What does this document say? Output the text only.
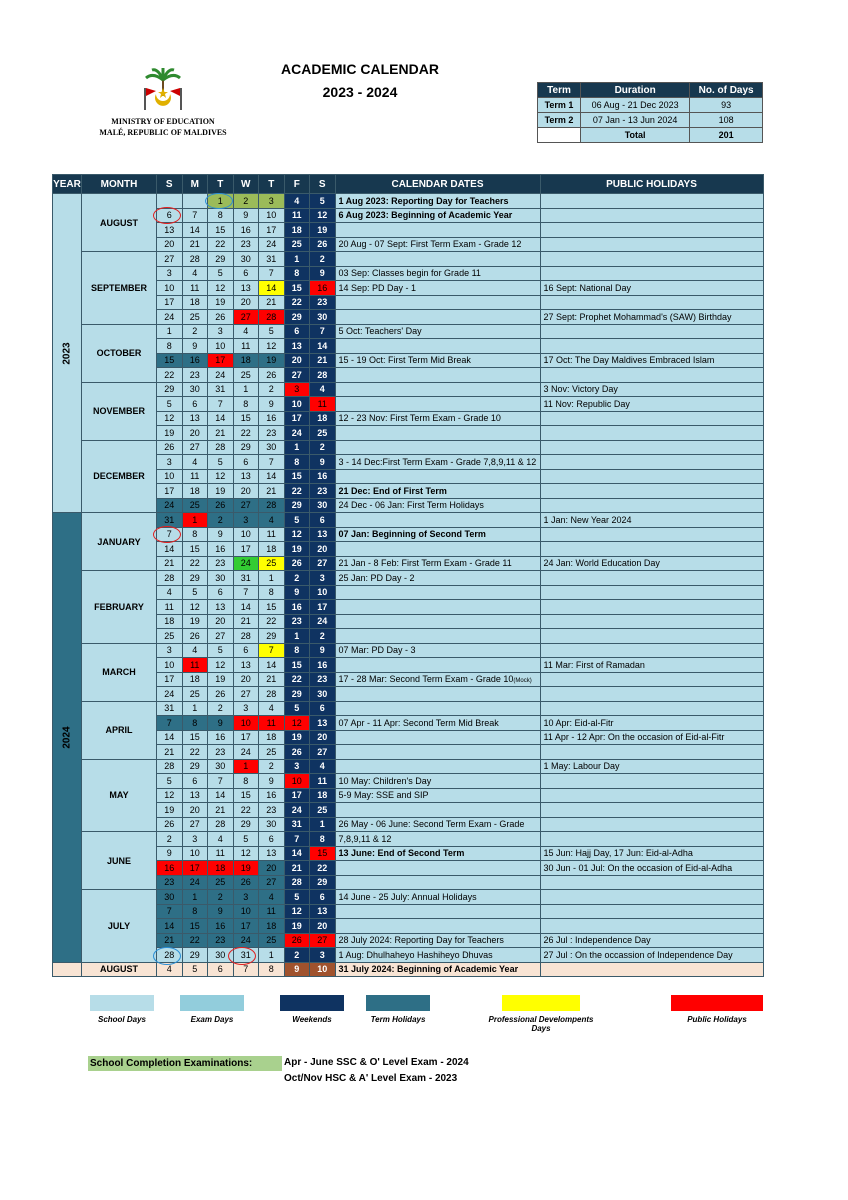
MINISTRY OF EDUCATION
MALÉ, REPUBLIC OF MALDIVES
ACADEMIC CALENDAR
2023 - 2024	Term	Duration	No. of Days
Term 1	06 Aug - 21 Dec 2023	93
Term 2	07 Jan - 13 Jun 2024	108
	Total	201
YEAR	MONTH	S	M	T	W	T	F	S	CALENDAR DATES	PUBLIC HOLIDAYS
2023	AUGUST			1	2	3	4	5	1 Aug 2023: Reporting Day for Teachers	
		6	7	8	9	10	11	12	6 Aug 2023: Beginning of Academic Year	
		13	14	15	16	17	18	19		
		20	21	22	23	24	25	26	20 Aug - 07 Sept: First Term Exam - Grade 12	
	SEPTEMBER	27	28	29	30	31	1	2		
		3	4	5	6	7	8	9	03 Sep: Classes begin for Grade 11	
		10	11	12	13	14	15	16	14 Sep: PD Day - 1	16 Sept: National Day
		17	18	19	20	21	22	23		
		24	25	26	27	28	29	30		27 Sept: Prophet Mohammad's (SAW) Birthday
	OCTOBER	1	2	3	4	5	6	7	5 Oct: Teachers' Day	
		8	9	10	11	12	13	14		
		15	16	17	18	19	20	21	15 - 19 Oct: First Term Mid Break	17 Oct: The Day Maldives Embraced Islam
		22	23	24	25	26	27	28		
	NOVEMBER	29	30	31	1	2	3	4		3 Nov: Victory Day
		5	6	7	8	9	10	11		11 Nov: Republic Day
		12	13	14	15	16	17	18	12 - 23 Nov: First Term Exam - Grade 10	
		19	20	21	22	23	24	25		
	DECEMBER	26	27	28	29	30	1	2		
		3	4	5	6	7	8	9	3 - 14 Dec:First Term Exam - Grade 7,8,9,11 & 12	
		10	11	12	13	14	15	16		
		17	18	19	20	21	22	23	21 Dec: End of First Term	
		24	25	26	27	28	29	30	24 Dec - 06 Jan: First Term Holidays	
2024	JANUARY	31	1	2	3	4	5	6		1 Jan: New Year 2024
		7	8	9	10	11	12	13	07 Jan: Beginning of Second Term	
		14	15	16	17	18	19	20		
		21	22	23	24	25	26	27	21 Jan - 8 Feb: First Term Exam - Grade 11	24 Jan: World Education Day
	FEBRUARY	28	29	30	31	1	2	3	25 Jan: PD Day - 2	
		4	5	6	7	8	9	10		
		11	12	13	14	15	16	17		
		18	19	20	21	22	23	24		
		25	26	27	28	29	1	2		
	MARCH	3	4	5	6	7	8	9	07 Mar: PD Day - 3	
		10	11	12	13	14	15	16		11 Mar: First of Ramadan
		17	18	19	20	21	22	23	17 - 28 Mar: Second Term Exam - Grade 10(Mock)	
		24	25	26	27	28	29	30		
	APRIL	31	1	2	3	4	5	6		
		7	8	9	10	11	12	13	07 Apr - 11 Apr: Second Term Mid Break	10 Apr: Eid-al-Fitr
		14	15	16	17	18	19	20		11 Apr - 12 Apr: On the occasion of Eid-al-Fitr
		21	22	23	24	25	26	27		
	MAY	28	29	30	1	2	3	4		1 May: Labour Day
		5	6	7	8	9	10	11	10 May: Children's Day	
		12	13	14	15	16	17	18	5-9 May: SSE and SIP	
		19	20	21	22	23	24	25		
		26	27	28	29	30	31	1	26 May - 06 June: Second Term Exam - Grade	
	JUNE	2	3	4	5	6	7	8	7,8,9,11 & 12	
		9	10	11	12	13	14	15	13 June: End of Second Term	15 Jun: Hajj Day, 17 Jun: Eid-al-Adha
		16	17	18	19	20	21	22		30 Jun - 01 Jul: On the occasion of Eid-al-Adha
		23	24	25	26	27	28	29		
	JULY	30	1	2	3	4	5	6	14 June - 25 July: Annual Holidays	
		7	8	9	10	11	12	13		
		14	15	16	17	18	19	20		
		21	22	23	24	25	26	27	28 July 2024: Reporting Day for Teachers	26 Jul : Independence Day
		28	29	30	31	1	2	3	1 Aug: Dhulhaheyo Hashiheyo Dhuvas	27 Jul : On the occassion of Independence Day
	AUGUST	4	5	6	7	8	9	10	31 July 2024: Beginning of Academic Year	
School Days	Exam Days	Weekends	Term Holidays	Professional Develompents Days
Public Holidays
School Completion Examinations:	Apr - June SSC & O' Level Exam - 2024
Oct/Nov HSC & A' Level Exam - 2023
